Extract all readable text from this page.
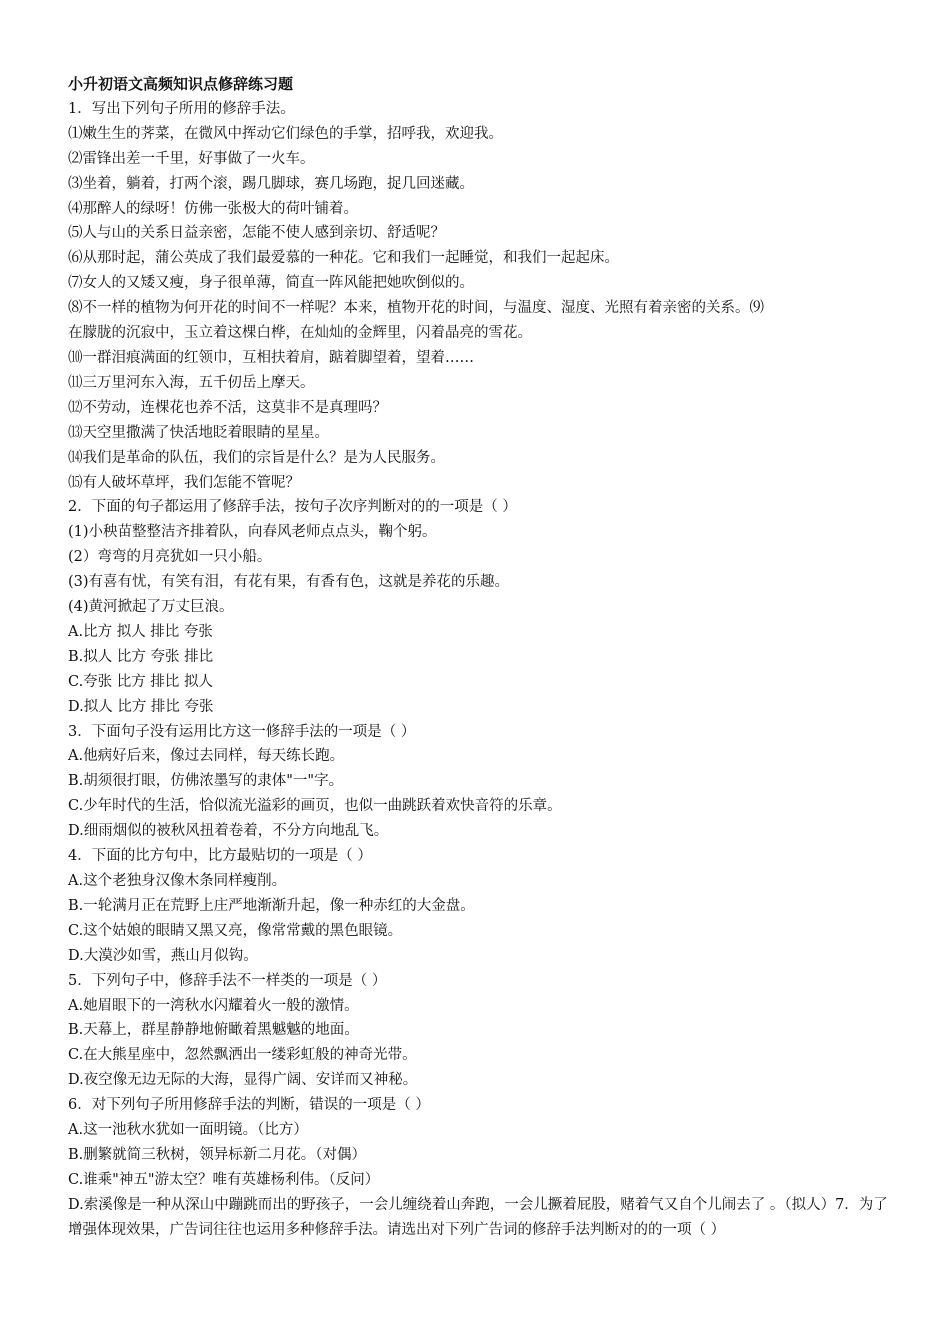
小升初语文高频知识点修辞练习题

1．写出下列句子所用的修辞手法。

⑴嫩生生的荠菜，在微风中挥动它们绿色的手掌，招呼我，欢迎我。

⑵雷锋出差一千里，好事做了一火车。

⑶坐着，躺着，打两个滚，踢几脚球，赛几场跑，捉几回迷藏。

⑷那醉人的绿呀！仿佛一张极大的荷叶铺着。

⑸人与山的关系日益亲密，怎能不使人感到亲切、舒适呢？

⑹从那时起，蒲公英成了我们最爱慕的一种花。它和我们一起睡觉，和我们一起起床。

⑺女人的又矮又瘦，身子很单薄，简直一阵风能把她吹倒似的。

⑻不一样的植物为何开花的时间不一样呢？本来，植物开花的时间，与温度、湿度、光照有着亲密的关系。⑼

在朦胧的沉寂中，玉立着这棵白桦，在灿灿的金辉里，闪着晶亮的雪花。

⑽一群泪痕满面的红领巾，互相扶着肩，踮着脚望着，望着……

⑾三万里河东入海，五千仞岳上摩天。

⑿不劳动，连棵花也养不活，这莫非不是真理吗？

⒀天空里撒满了快活地眨着眼睛的星星。

⒁我们是革命的队伍，我们的宗旨是什么？是为人民服务。

⒂有人破坏草坪，我们怎能不管呢？

2．下面的句子都运用了修辞手法，按句子次序判断对的的一项是（ ）

(1)小秧苗整整洁齐排着队，向春风老师点点头，鞠个躬。

(2）弯弯的月亮犹如一只小船。

(3)有喜有忧，有笑有泪，有花有果，有香有色，这就是养花的乐趣。

(4)黄河掀起了万丈巨浪。

A.比方 拟人 排比 夸张

B.拟人 比方 夸张 排比

C.夸张 比方 排比 拟人

D.拟人 比方 排比 夸张

3．下面句子没有运用比方这一修辞手法的一项是（ ）

A.他病好后来，像过去同样，每天练长跑。

B.胡须很打眼，仿佛浓墨写的隶体"一"字。

C.少年时代的生活，恰似流光溢彩的画页，也似一曲跳跃着欢快音符的乐章。

D.细雨烟似的被秋风扭着卷着，不分方向地乱飞。

4．下面的比方句中，比方最贴切的一项是（ ）

A.这个老独身汉像木条同样瘦削。

B.一轮满月正在荒野上庄严地渐渐升起，像一种赤红的大金盘。

C.这个姑娘的眼睛又黑又亮，像常常戴的黑色眼镜。

D.大漠沙如雪，燕山月似钩。

5．下列句子中，修辞手法不一样类的一项是（ ）

A.她眉眼下的一湾秋水闪耀着火一般的激情。

B.天幕上，群星静静地俯瞰着黑魆魆的地面。

C.在大熊星座中，忽然飘洒出一缕彩虹般的神奇光带。

D.夜空像无边无际的大海，显得广阔、安详而又神秘。

6．对下列句子所用修辞手法的判断，错误的一项是（ ）

A.这一池秋水犹如一面明镜。（比方）

B.删繁就简三秋树，领异标新二月花。（对偶）

C.谁乘"神五"游太空？唯有英雄杨利伟。（反问）

D.索溪像是一种从深山中蹦跳而出的野孩子，一会儿缠绕着山奔跑，一会儿撅着屁股，赌着气又自个儿闹去了 。（拟人）7．为了增强体现效果，广告词往往也运用多种修辞手法。请选出对下列广告词的修辞手法判断对的的一项（ ）
